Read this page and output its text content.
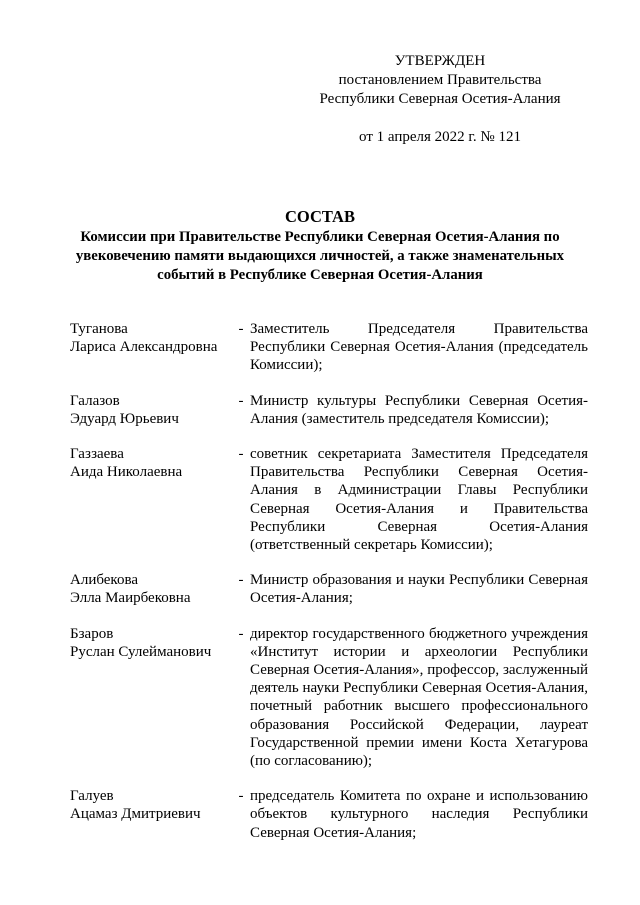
УТВЕРЖДЕН
постановлением Правительства
Республики Северная Осетия-Алания
от 1 апреля 2022 г. № 121
СОСТАВ
Комиссии при Правительстве Республики Северная Осетия-Алания по увековечению памяти выдающихся личностей, а также знаменательных событий в Республике Северная Осетия-Алания
Туганова
Лариса Александровна
- Заместитель Председателя Правительства Республики Северная Осетия-Алания (председатель Комиссии);
Галазов
Эдуард Юрьевич
- Министр культуры Республики Северная Осетия-Алания (заместитель председателя Комиссии);
Газзаева
Аида Николаевна
- советник секретариата Заместителя Председателя Правительства Республики Северная Осетия-Алания в Администрации Главы Республики Северная Осетия-Алания и Правительства Республики Северная Осетия-Алания (ответственный секретарь Комиссии);
Алибекова
Элла Маирбековна
- Министр образования и науки Республики Северная Осетия-Алания;
Бзаров
Руслан Сулейманович
- директор государственного бюджетного учреждения «Институт истории и археологии Республики Северная Осетия-Алания», профессор, заслуженный деятель науки Республики Северная Осетия-Алания, почетный работник высшего профессионального образования Российской Федерации, лауреат Государственной премии имени Коста Хетагурова (по согласованию);
Галуев
Ацамаз Дмитриевич
- председатель Комитета по охране и использованию объектов культурного наследия Республики Северная Осетия-Алания;
